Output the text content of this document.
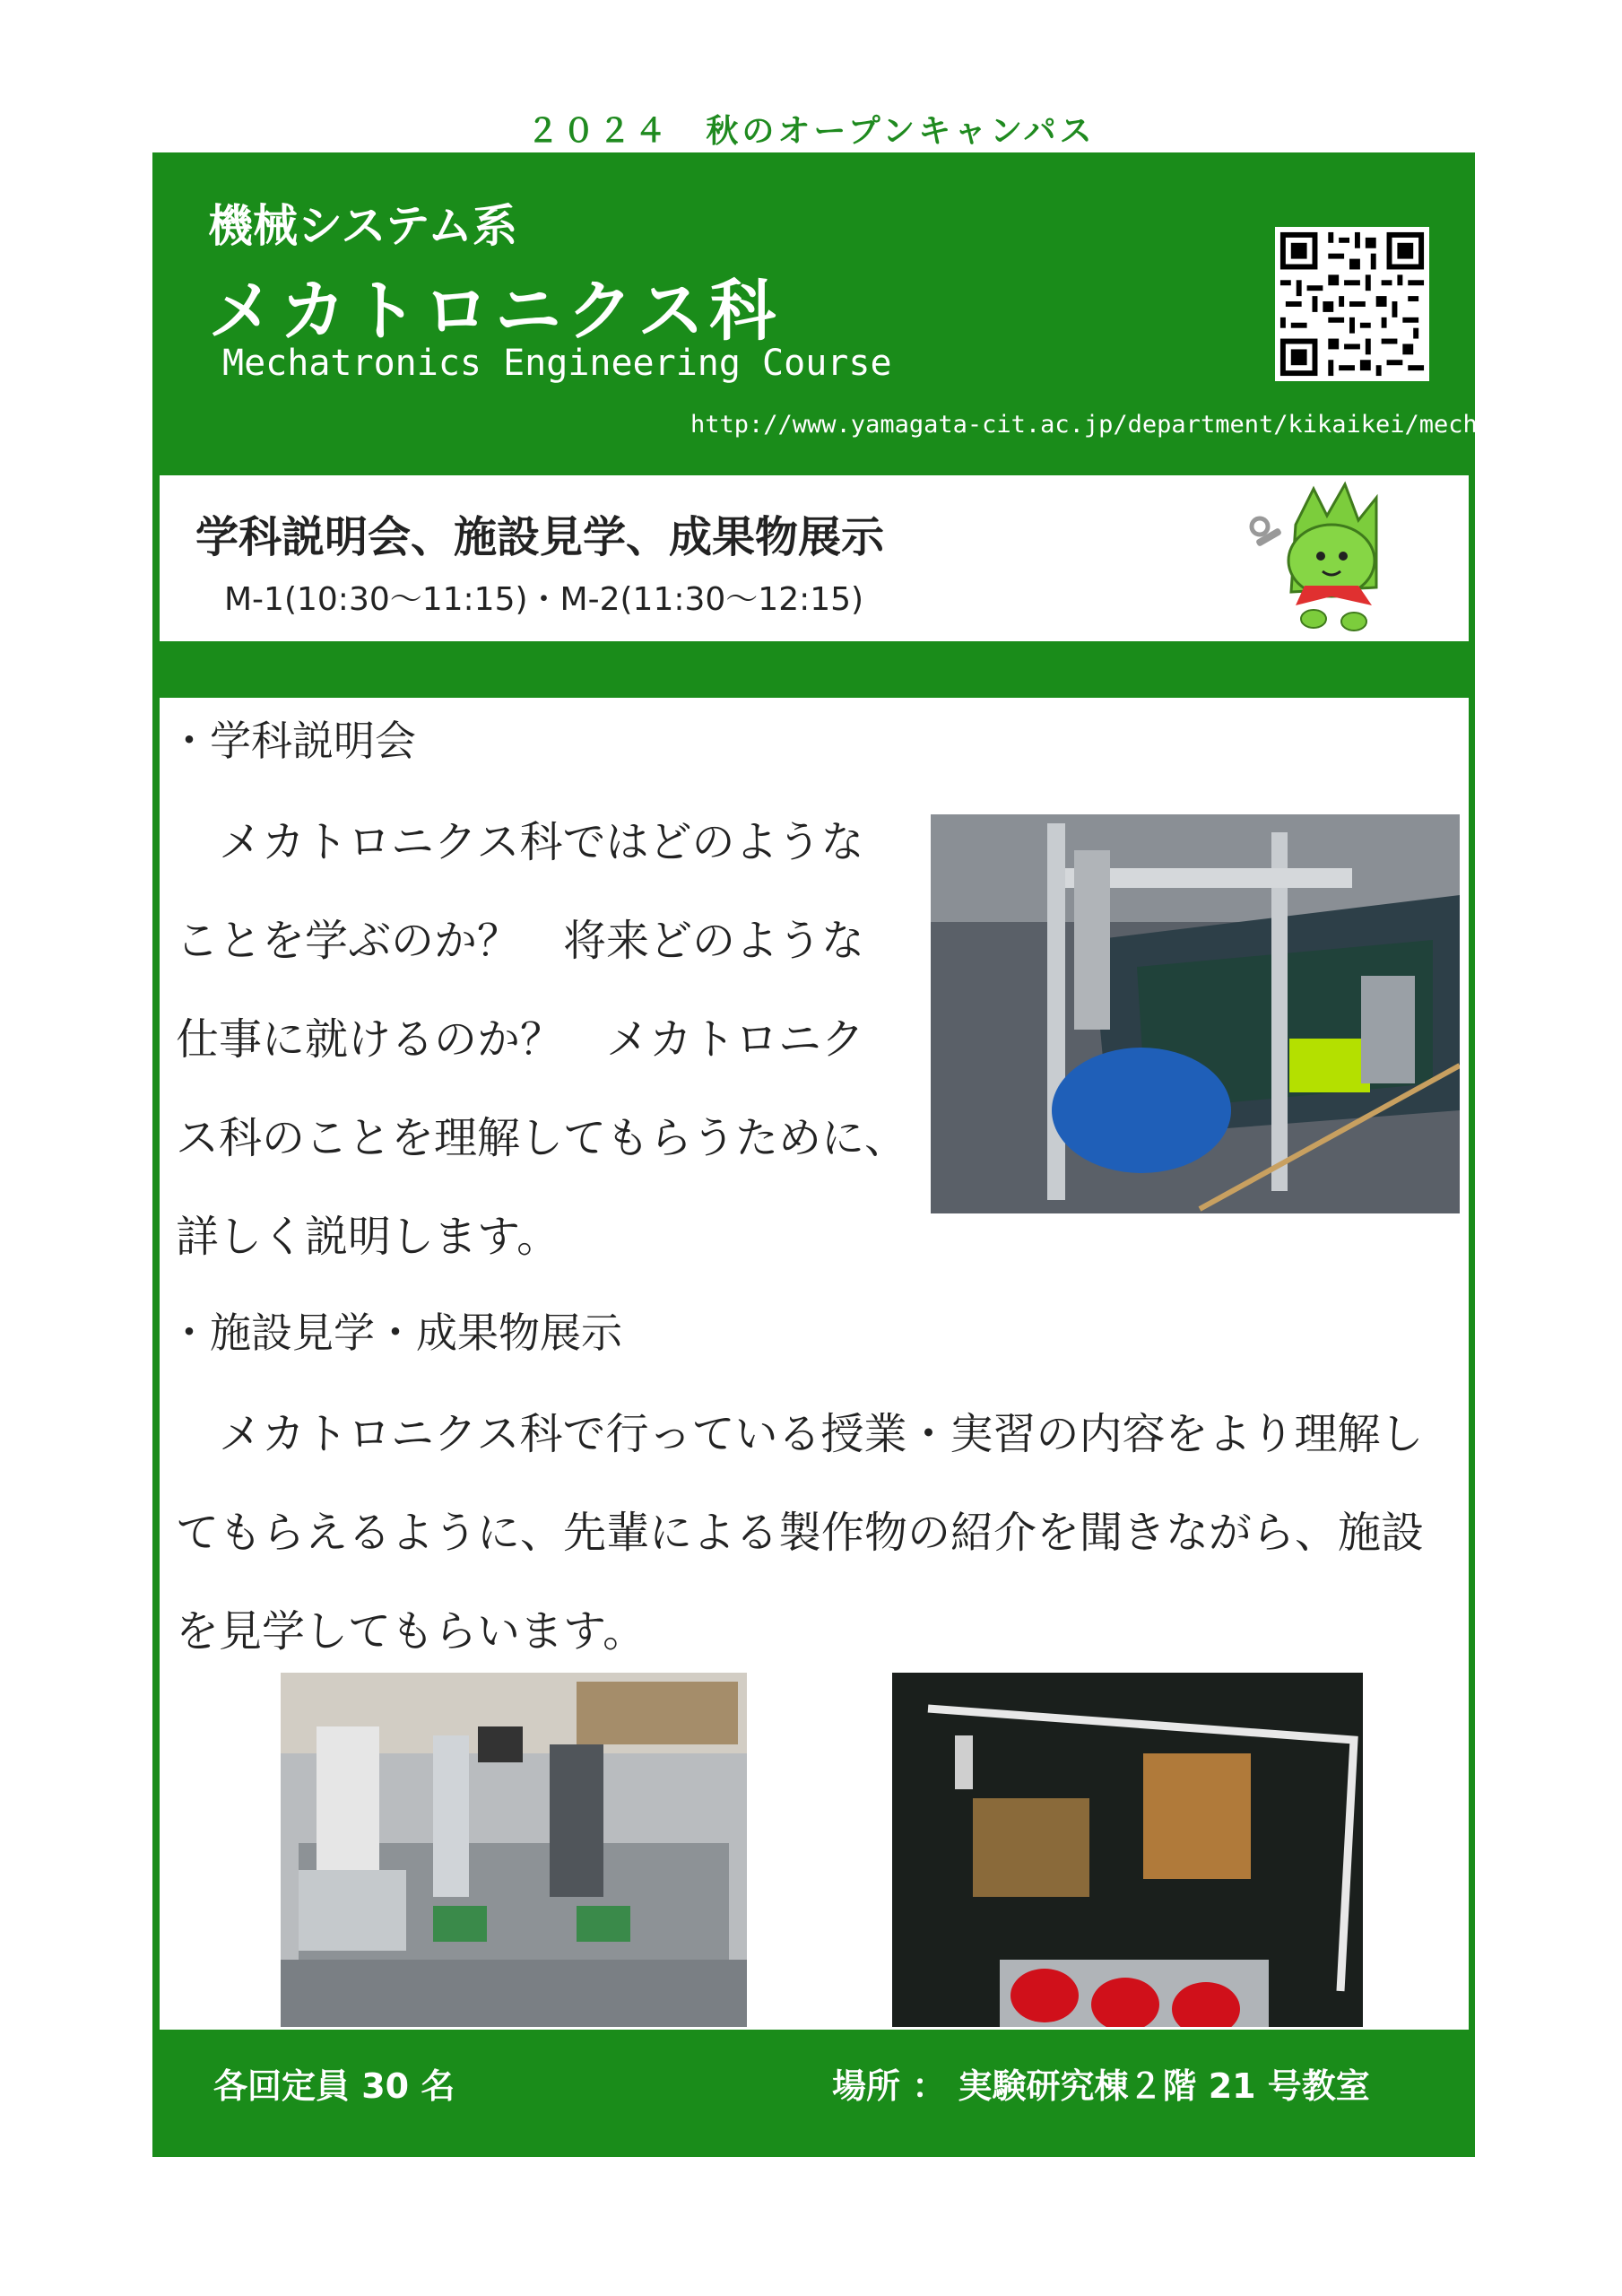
２０２４　秋のオープンキャンパス
機械システム系
メカトロニクス科
Mechatronics Engineering Course
http://www.yamagata-cit.ac.jp/department/kikaikei/mecha/
学科説明会、施設見学、成果物展示
M-1(10:30～11:15)・M-2(11:30～12:15)
・学科説明会
　メカトロニクス科ではどのような
ことを学ぶのか？　将来どのような
仕事に就けるのか？　メカトロニク
ス科のことを理解してもらうために、
詳しく説明します。
・施設見学・成果物展示
　メカトロニクス科で行っている授業・実習の内容をより理解し
てもらえるように、先輩による製作物の紹介を聞きながら、施設
を見学してもらいます。
各回定員 30 名	場所 ： 実験研究棟２階 21 号教室
